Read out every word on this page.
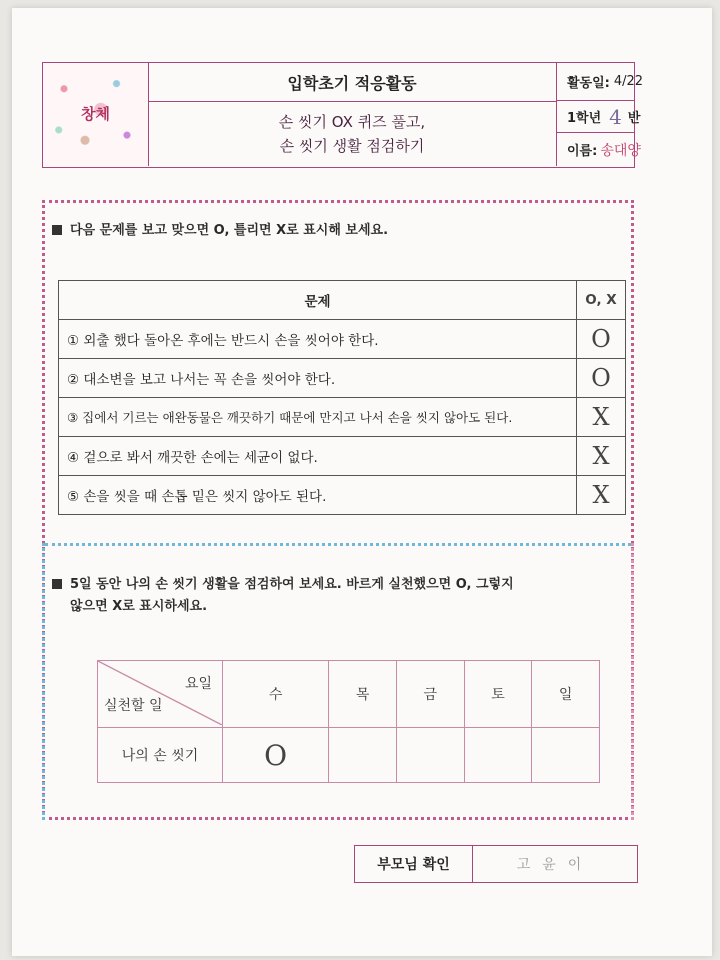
창체
입학초기 적응활동
손 씻기 OX 퀴즈 풀고,
손 씻기 생활 점검하기
활동일: 4/22
1학년 4 반
이름: 송대양
다음 문제를 보고 맞으면 O, 틀리면 X로 표시해 보세요.
문제	O, X
① 외출 했다 돌아온 후에는 반드시 손을 씻어야 한다.	O
② 대소변을 보고 나서는 꼭 손을 씻어야 한다.	O
③ 집에서 기르는 애완동물은 깨끗하기 때문에 만지고 나서 손을 씻지 않아도 된다.	X
④ 겉으로 봐서 깨끗한 손에는 세균이 없다.	X
⑤ 손을 씻을 때 손톱 밑은 씻지 않아도 된다.	X
5일 동안 나의 손 씻기 생활을 점검하여 보세요. 바르게 실천했으면 O, 그렇지
않으면 X로 표시하세요.
요일
실천할 일	수	목	금	토	일
나의 손 씻기	O				
부모님 확인	고윤이
